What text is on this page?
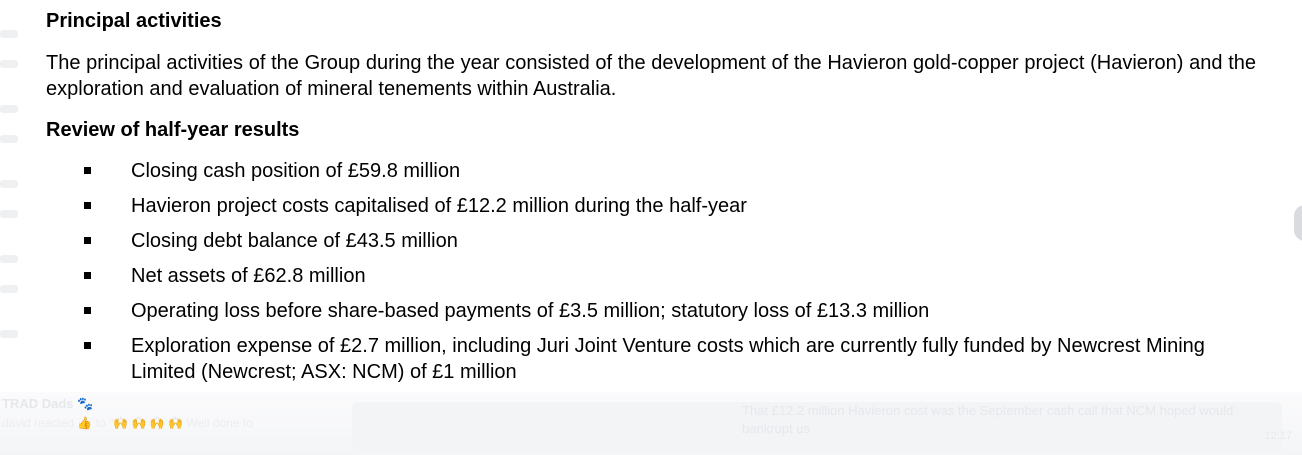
TRAD Dads 🐾
david reacted 👍 to "🙌 🙌 🙌 🙌 Well done to
That £12.2 million Havieron cost was the September cash call that NCM hoped would bankrupt us	12:17
Principal activities

The principal activities of the Group during the year consisted of the development of the Havieron gold-copper project (Havieron) and the exploration and evaluation of mineral tenements within Australia.

Review of half-year results
Closing cash position of £59.8 million
Havieron project costs capitalised of £12.2 million during the half-year
Closing debt balance of £43.5 million
Net assets of £62.8 million
Operating loss before share-based payments of £3.5 million; statutory loss of £13.3 million
Exploration expense of £2.7 million, including Juri Joint Venture costs which are currently fully funded by Newcrest Mining Limited (Newcrest; ASX: NCM) of £1 million
